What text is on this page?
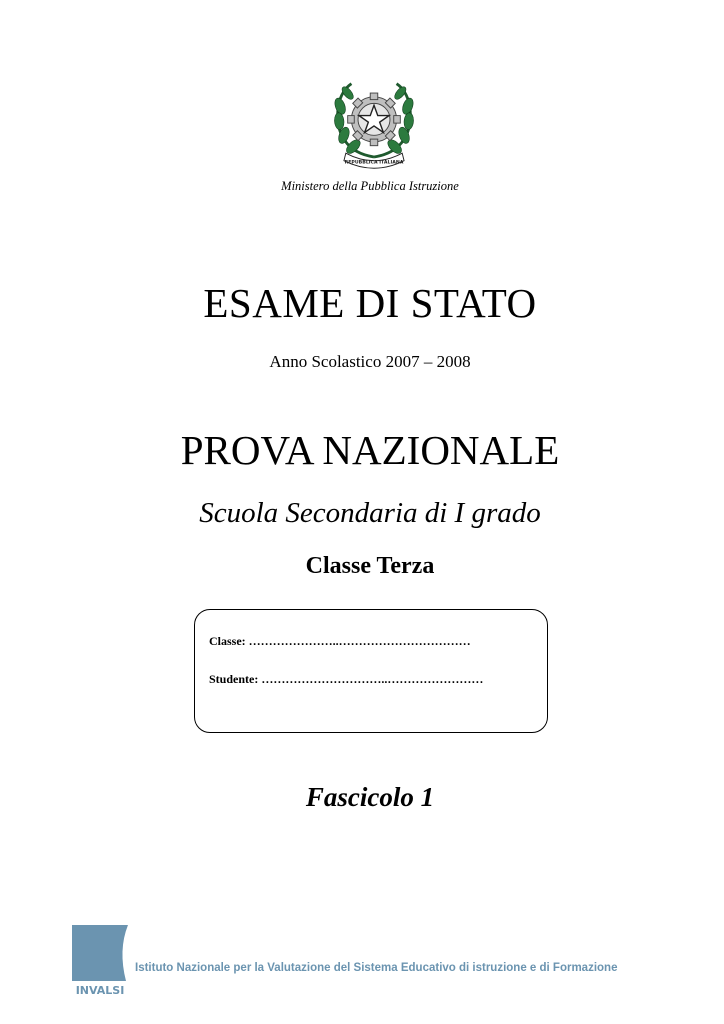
REPUBBLICA ITALIANA
Ministero della Pubblica Istruzione
ESAME DI STATO
Anno Scolastico 2007 – 2008
PROVA NAZIONALE
Scuola Secondaria di I grado
Classe Terza
Classe: …………………..……………………………
Studente: …………………………..……………………
Fascicolo 1
INVALSI
Istituto Nazionale per la Valutazione del Sistema Educativo di istruzione e di Formazione
